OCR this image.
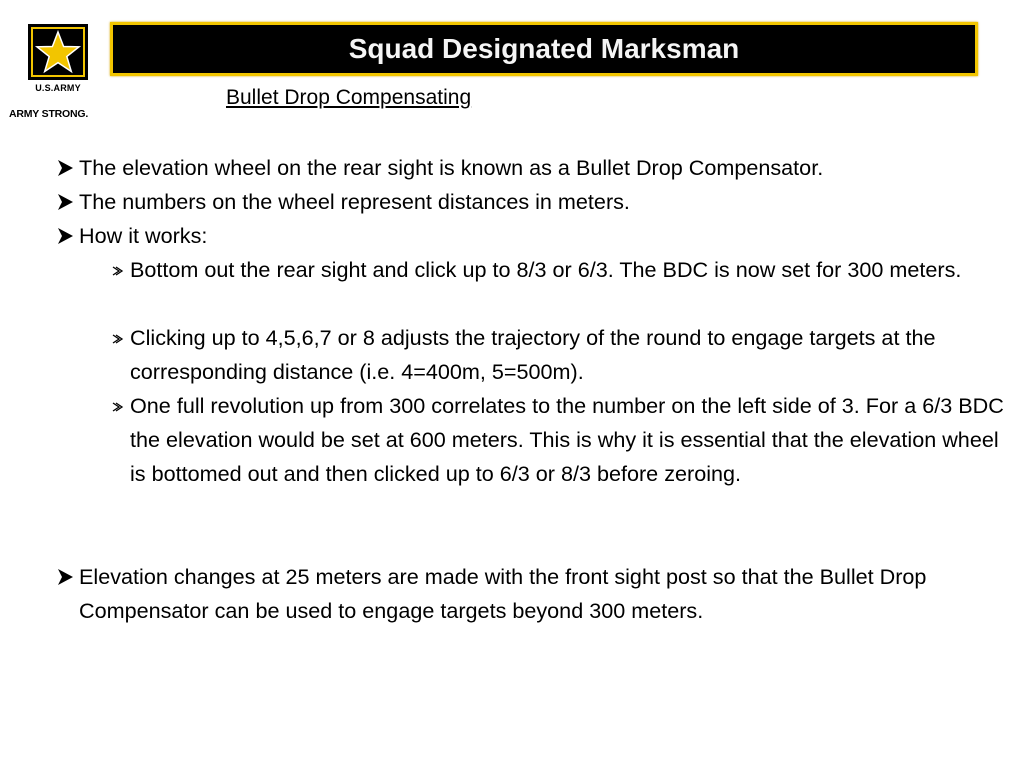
U.S.ARMY
ARMY STRONG.
Squad Designated Marksman
Bullet Drop Compensating
The elevation wheel on the rear sight is known as a Bullet Drop Compensator.
The numbers on the wheel represent distances in meters.
How it works:
Bottom out the rear sight and click up to 8/3 or 6/3. The BDC is now set for 300 meters.
Clicking up to 4,5,6,7 or 8 adjusts the trajectory of the round to engage targets at the corresponding distance (i.e. 4=400m, 5=500m).
One full revolution up from 300 correlates to the number on the left side of 3. For a 6/3 BDC the elevation would be set at 600 meters. This is why it is essential that the elevation wheel is bottomed out and then clicked up to 6/3 or 8/3 before zeroing.
Elevation changes at 25 meters are made with the front sight post so that the Bullet Drop Compensator can be used to engage targets beyond 300 meters.
